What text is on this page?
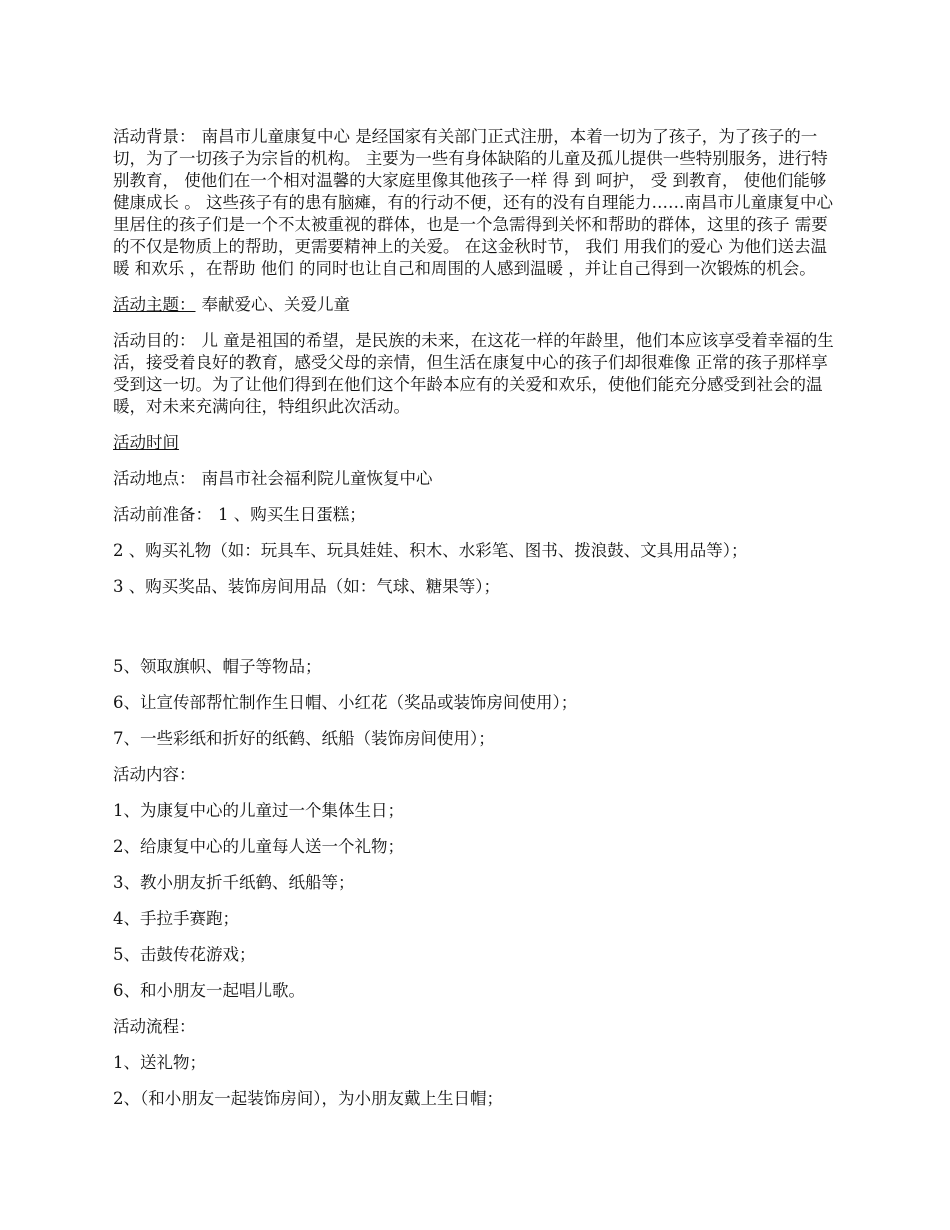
活动背景： 南昌市儿童康复中心 是经国家有关部门正式注册，本着一切为了孩子，为了孩子的一切，为了一切孩子为宗旨的机构。 主要为一些有身体缺陷的儿童及孤儿提供一些特别服务，进行特别教育， 使他们在一个相对温馨的大家庭里像其他孩子一样 得 到 呵护， 受 到教育， 使他们能够健康成长 。 这些孩子有的患有脑瘫，有的行动不便，还有的没有自理能力……南昌市儿童康复中心里居住的孩子们是一个不太被重视的群体，也是一个急需得到关怀和帮助的群体，这里的孩子 需要的不仅是物质上的帮助，更需要精神上的关爱。 在这金秋时节， 我们 用我们的爱心 为他们送去温暖 和欢乐 ，在帮助 他们 的同时也让自己和周围的人感到温暖 ，并让自己得到一次锻炼的机会。

活动主题： 奉献爱心、关爱儿童

活动目的： 儿 童是祖国的希望，是民族的未来，在这花一样的年龄里，他们本应该享受着幸福的生活，接受着良好的教育，感受父母的亲情，但生活在康复中心的孩子们却很难像 正常的孩子那样享受到这一切。为了让他们得到在他们这个年龄本应有的关爱和欢乐，使他们能充分感受到社会的温暖，对未来充满向往，特组织此次活动。

活动时间

活动地点： 南昌市社会福利院儿童恢复中心

活动前准备： 1 、购买生日蛋糕；

2 、购买礼物（如：玩具车、玩具娃娃、积木、水彩笔、图书、拨浪鼓、文具用品等）；

3 、购买奖品、装饰房间用品（如：气球、糖果等）；

5、领取旗帜、帽子等物品；

6、让宣传部帮忙制作生日帽、小红花（奖品或装饰房间使用）；

7、一些彩纸和折好的纸鹤、纸船（装饰房间使用）；

活动内容：

1、为康复中心的儿童过一个集体生日；

2、给康复中心的儿童每人送一个礼物；

3、教小朋友折千纸鹤、纸船等；

4、手拉手赛跑；

5、击鼓传花游戏；

6、和小朋友一起唱儿歌。

活动流程：

1、送礼物；

2、（和小朋友一起装饰房间），为小朋友戴上生日帽；
